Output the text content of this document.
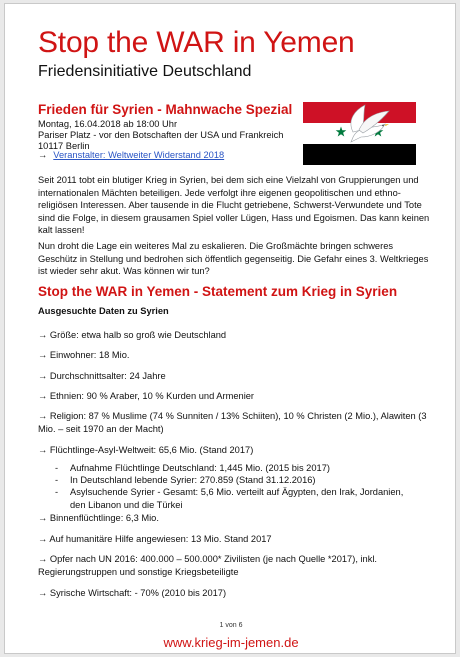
Stop the WAR in Yemen
Friedensinitiative Deutschland
Frieden für Syrien - Mahnwache Spezial
Montag, 16.04.2018 ab 18:00 Uhr
Pariser Platz - vor den Botschaften der USA und Frankreich
10117 Berlin
→ Veranstalter: Weltweiter Widerstand 2018
Seit 2011 tobt ein blutiger Krieg in Syrien, bei dem sich eine Vielzahl von Gruppierungen und internationalen Mächten beteiligen. Jede verfolgt ihre eigenen geopolitischen und ethno-religiösen Interessen. Aber tausende in die Flucht getriebene, Schwerst-Verwundete und Tote sind die Folge, in diesem grausamen Spiel voller Lügen, Hass und Egoismen. Das kann keinen kalt lassen!
Nun droht die Lage ein weiteres Mal zu eskalieren. Die Großmächte bringen schweres Geschütz in Stellung und bedrohen sich öffentlich gegenseitig. Die Gefahr eines 3. Weltkrieges ist wieder sehr akut. Was können wir tun?
Stop the WAR in Yemen - Statement zum Krieg in Syrien
Ausgesuchte Daten zu Syrien
→ Größe: etwa halb so groß wie Deutschland
→ Einwohner: 18 Mio.
→ Durchschnittsalter: 24 Jahre
→ Ethnien: 90 % Araber, 10 % Kurden und Armenier
→ Religion: 87 % Muslime (74 % Sunniten / 13% Schiiten), 10 % Christen (2 Mio.), Alawiten (3 Mio. – seit 1970 an der Macht)
→ Flüchtlinge-Asyl-Weltweit: 65,6 Mio. (Stand 2017)
- Aufnahme Flüchtlinge Deutschland: 1,445 Mio. (2015 bis 2017)
- In Deutschland lebende Syrier: 270.859 (Stand 31.12.2016)
- Asylsuchende Syrier - Gesamt: 5,6 Mio. verteilt auf Ägypten, den Irak, Jordanien, den Libanon und die Türkei
→ Binnenflüchtlinge: 6,3 Mio.
→ Auf humanitäre Hilfe angewiesen: 13 Mio. Stand 2017
→ Opfer nach UN 2016: 400.000 – 500.000* Zivilisten (je nach Quelle *2017), inkl. Regierungstruppen und sonstige Kriegsbeteiligte
→ Syrische Wirtschaft: - 70% (2010 bis 2017)
1 von 6
www.krieg-im-jemen.de
